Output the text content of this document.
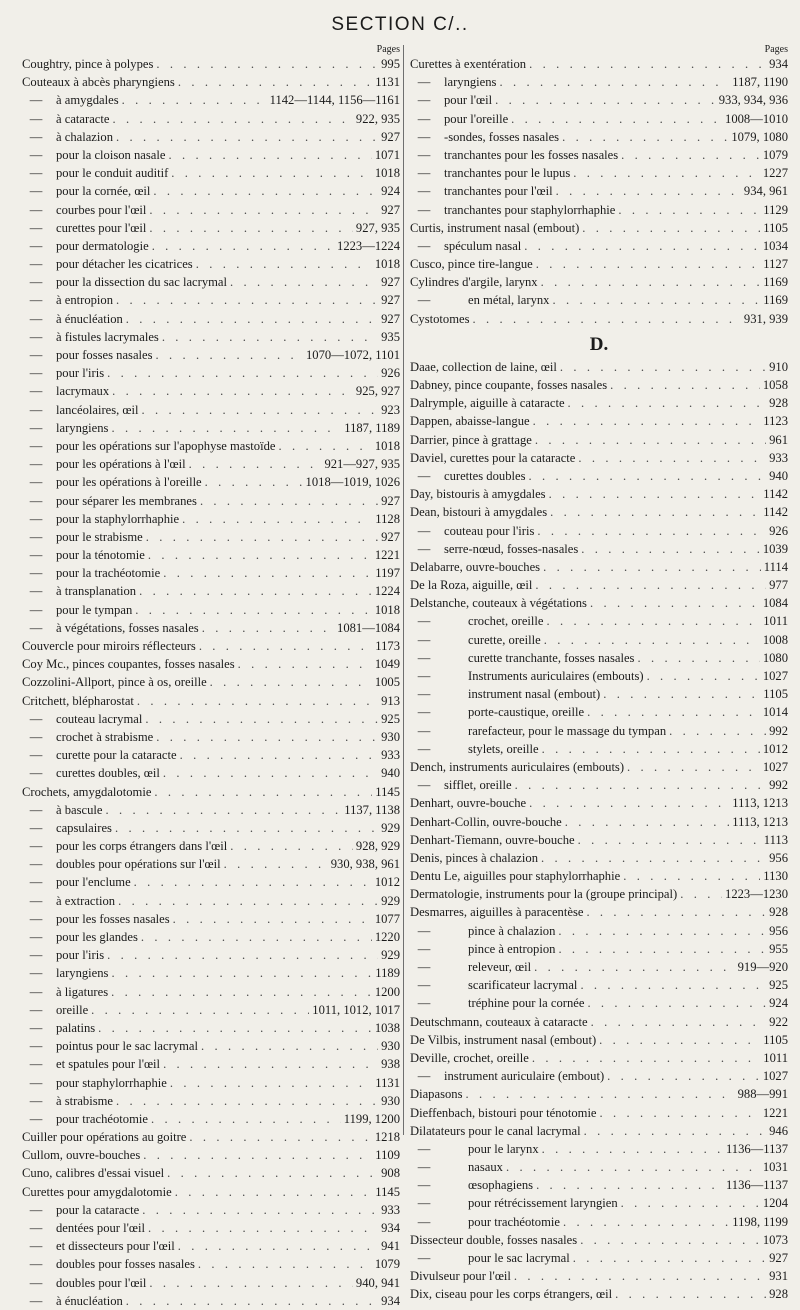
SECTION C/..
Pages
Coughtry, pince à polypes . . .	995
Couteaux à abcès pharyngiens . . .	1131
—	à amygdales . . .	1142—1144, 1156—1161
—	à cataracte . . .	922, 935
—	à chalazion . . .	927
—	pour la cloison nasale . . .	1071
—	pour le conduit auditif . . .	1018
—	pour la cornée, œil . . .	924
—	courbes pour l'œil . . .	927
—	curettes pour l'œil . . .	927, 935
—	pour dermatologie . . .	1223—1224
—	pour détacher les cicatrices . . .	1018
—	pour la dissection du sac lacrymal . . .	927
—	à entropion . . .	927
—	à énucléation . . .	927
—	à fistules lacrymales . . .	935
—	pour fosses nasales . . .	1070—1072, 1101
—	pour l'iris . . .	926
—	lacrymaux . . .	925, 927
—	lancéolaires, œil . . .	923
—	laryngiens . . .	1187, 1189
—	pour les opérations sur l'apophyse mastoïde . . .	1018
—	pour les opérations à l'œil . . .	921—927, 935
—	pour les opérations à l'oreille . . .	1018—1019, 1026
—	pour séparer les membranes . . .	927
—	pour la staphylorrhaphie . . .	1128
—	pour le strabisme . . .	927
—	pour la ténotomie . . .	1221
—	pour la trachéotomie . . .	1197
—	à transplanation . . .	1224
—	pour le tympan . . .	1018
—	à végétations, fosses nasales . . .	1081—1084
Couvercle pour miroirs réflecteurs . . .	1173
Coy Mc., pinces coupantes, fosses nasales . . .	1049
Cozzolini-Allport, pince à os, oreille . . .	1005
Critchett, blépharostat . . .	913
—	couteau lacrymal . . .	925
—	crochet à strabisme . . .	930
—	curette pour la cataracte . . .	933
—	curettes doubles, œil . . .	940
Crochets, amygdalotomie . . .	1145
—	à bascule . . .	1137, 1138
—	capsulaires . . .	929
—	pour les corps étrangers dans l'œil . . .	928, 929
—	doubles pour opérations sur l'œil . . .	930, 938, 961
—	pour l'enclume . . .	1012
—	à extraction . . .	929
—	pour les fosses nasales . . .	1077
—	pour les glandes . . .	1220
—	pour l'iris . . .	929
—	laryngiens . . .	1189
—	à ligatures . . .	1200
—	oreille . . .	1011, 1012, 1017
—	palatins . . .	1038
—	pointus pour le sac lacrymal . . .	930
—	et spatules pour l'œil . . .	938
—	pour staphylorrhaphie . . .	1131
—	à strabisme . . .	930
—	pour trachéotomie . . .	1199, 1200
Cuiller pour opérations au goitre . . .	1218
Cullom, ouvre-bouches . . .	1109
Cuno, calibres d'essai visuel . . .	908
Curettes pour amygdalotomie . . .	1145
—	pour la cataracte . . .	933
—	dentées pour l'œil . . .	934
—	et dissecteurs pour l'œil . . .	941
—	doubles pour fosses nasales . . .	1079
—	doubles pour l'œil . . .	940, 941
—	à énucléation . . .	934
Pages
Curettes à exentération . . .	934
—	laryngiens . . .	1187, 1190
—	pour l'œil . . .	933, 934, 936
—	pour l'oreille . . .	1008—1010
—	-sondes, fosses nasales . . .	1079, 1080
—	tranchantes pour les fosses nasales . . .	1079
—	tranchantes pour le lupus . . .	1227
—	tranchantes pour l'œil . . .	934, 961
—	tranchantes pour staphylorrhaphie . . .	1129
Curtis, instrument nasal (embout) . . .	1105
—	spéculum nasal . . .	1034
Cusco, pince tire-langue . . .	1127
Cylindres d'argile, larynx . . .	1169
—	en métal, larynx . . .	1169
Cystotomes . . .	931, 939
D.
Daae, collection de laine, œil . . .	910
Dabney, pince coupante, fosses nasales . . .	1058
Dalrymple, aiguille à cataracte . . .	928
Dappen, abaisse-langue . . .	1123
Darrier, pince à grattage . . .	961
Daviel, curettes pour la cataracte . . .	933
—	curettes doubles . . .	940
Day, bistouris à amygdales . . .	1142
Dean, bistouri à amygdales . . .	1142
—	couteau pour l'iris . . .	926
—	serre-nœud, fosses-nasales . . .	1039
Delabarre, ouvre-bouches . . .	1114
De la Roza, aiguille, œil . . .	977
Delstanche, couteaux à végétations . . .	1084
—	crochet, oreille . . .	1011
—	curette, oreille . . .	1008
—	curette tranchante, fosses nasales . . .	1080
—	Instruments auriculaires (embouts) . . .	1027
—	instrument nasal (embout) . . .	1105
—	porte-caustique, oreille . . .	1014
—	rarefacteur, pour le massage du tympan . . .	992
—	stylets, oreille . . .	1012
Dench, instruments auriculaires (embouts) . . .	1027
—	sifflet, oreille . . .	992
Denhart, ouvre-bouche . . .	1113, 1213
Denhart-Collin, ouvre-bouche . . .	1113, 1213
Denhart-Tiemann, ouvre-bouche . . .	1113
Denis, pinces à chalazion . . .	956
Dentu Le, aiguilles pour staphylorrhaphie . . .	1130
Dermatologie, instruments pour la (groupe principal) . . .	1223—1230
Desmarres, aiguilles à paracentèse . . .	928
—	pince à chalazion . . .	956
—	pince à entropion . . .	955
—	releveur, œil . . .	919—920
—	scarificateur lacrymal . . .	925
—	tréphine pour la cornée . . .	924
Deutschmann, couteaux à cataracte . . .	922
De Vilbis, instrument nasal (embout) . . .	1105
Deville, crochet, oreille . . .	1011
—	instrument auriculaire (embout) . . .	1027
Diapasons . . .	988—991
Dieffenbach, bistouri pour ténotomie . . .	1221
Dilatateurs pour le canal lacrymal . . .	946
—	pour le larynx . . .	1136—1137
—	nasaux . . .	1031
—	œsophagiens . . .	1136—1137
—	pour rétrécissement laryngien . . .	1204
—	pour trachéotomie . . .	1198, 1199
Dissecteur double, fosses nasales . . .	1073
—	pour le sac lacrymal . . .	927
Divulseur pour l'œil . . .	931
Dix, ciseau pour les corps étrangers, œil . . .	928
